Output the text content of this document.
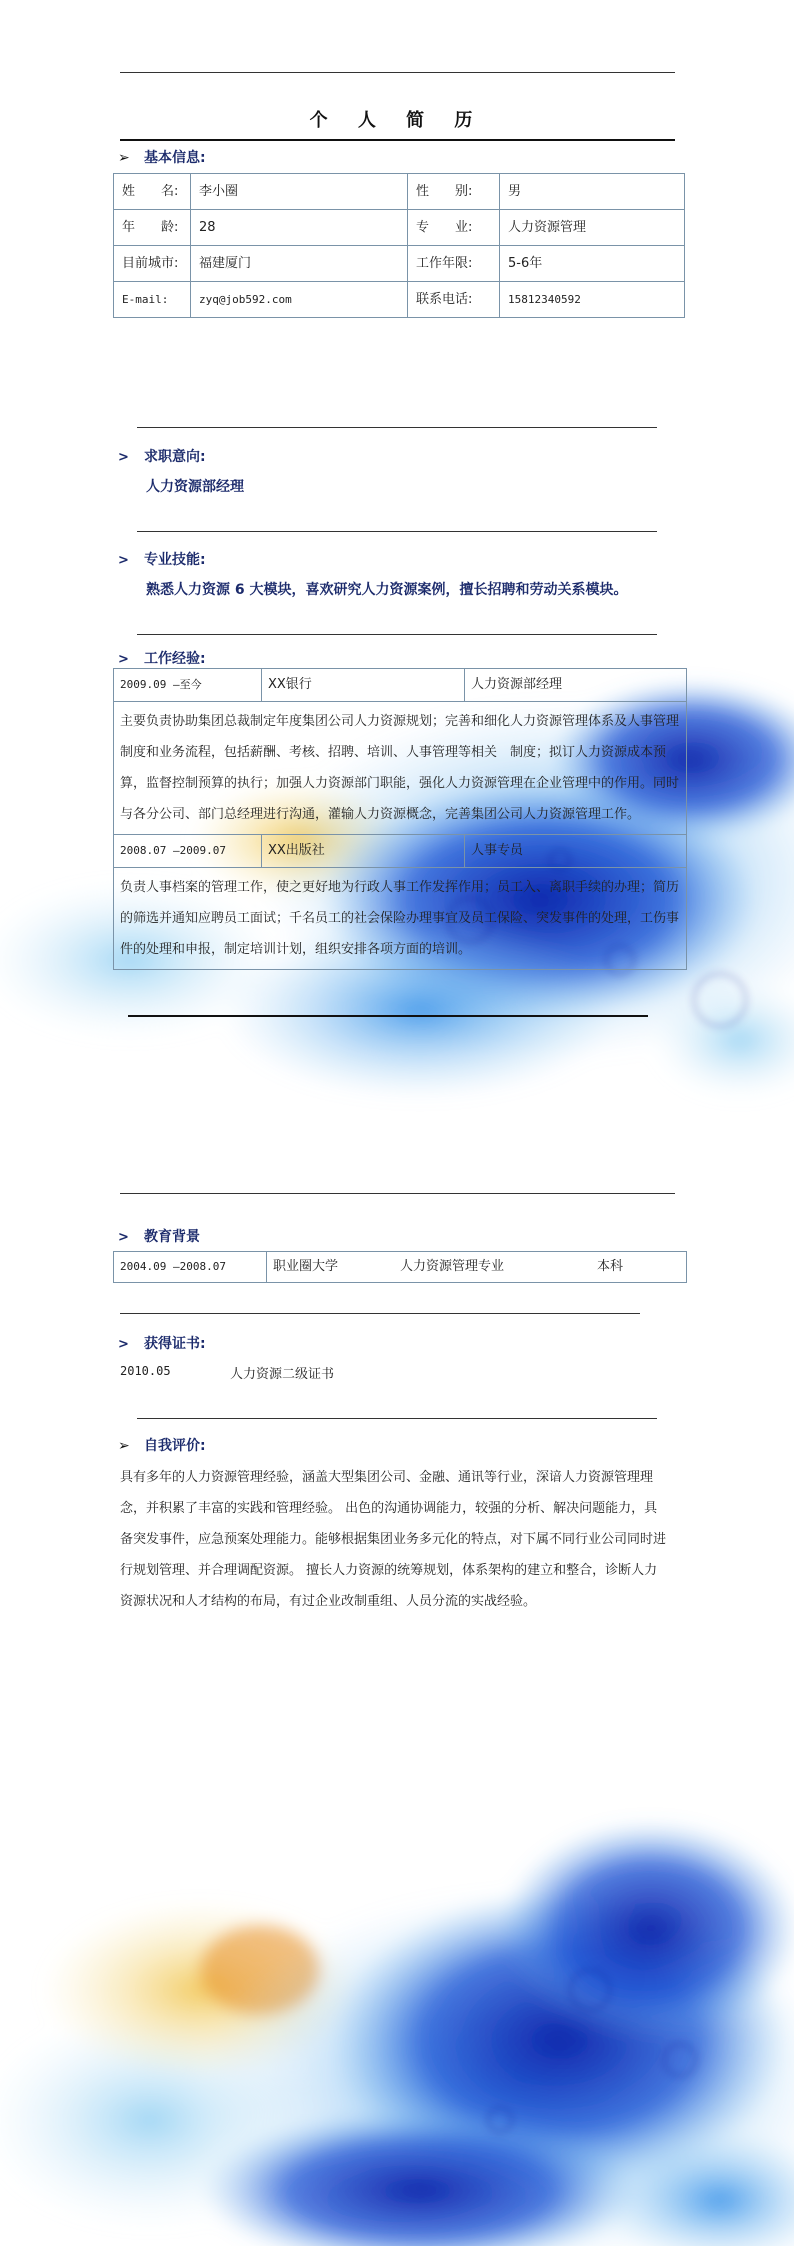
个 人 简 历
➢ 基本信息:
姓　　名:	李小圈	性　　别:	男
年　　龄:	28	专　　业:	人力资源管理
目前城市:	福建厦门	工作年限:	5-6年
E-mail:	zyq@job592.com	联系电话:	15812340592
> 求职意向:
人力资源部经理
> 专业技能:
熟悉人力资源 6 大模块，喜欢研究人力资源案例，擅长招聘和劳动关系模块。
> 工作经验:
2009.09 —至今	XX银行	人力资源部经理
主要负责协助集团总裁制定年度集团公司人力资源规划；完善和细化人力资源管理体系及人事管理制度和业务流程，包括薪酬、考核、招聘、培训、人事管理等相关　制度；拟订人力资源成本预算，监督控制预算的执行；加强人力资源部门职能，强化人力资源管理在企业管理中的作用。同时与各分公司、部门总经理进行沟通，灌输人力资源概念，完善集团公司人力资源管理工作。		
2008.07 —2009.07	XX出版社	人事专员
负责人事档案的管理工作，使之更好地为行政人事工作发挥作用；员工入、离职手续的办理；简历的筛选并通知应聘员工面试；千名员工的社会保险办理事宜及员工保险、突发事件的处理，工伤事件的处理和申报，制定培训计划，组织安排各项方面的培训。		
> 教育背景
2004.09 —2008.07	职业圈大学	人力资源管理专业	本科
> 获得证书:
2010.05	人力资源二级证书
➢ 自我评价:
具有多年的人力资源管理经验，涵盖大型集团公司、金融、通讯等行业，深谙人力资源管理理念，并积累了丰富的实践和管理经验。 出色的沟通协调能力，较强的分析、解决问题能力，具备突发事件，应急预案处理能力。能够根据集团业务多元化的特点，对下属不同行业公司同时进行规划管理、并合理调配资源。 擅长人力资源的统筹规划，体系架构的建立和整合，诊断人力资源状况和人才结构的布局，有过企业改制重组、人员分流的实战经验。
